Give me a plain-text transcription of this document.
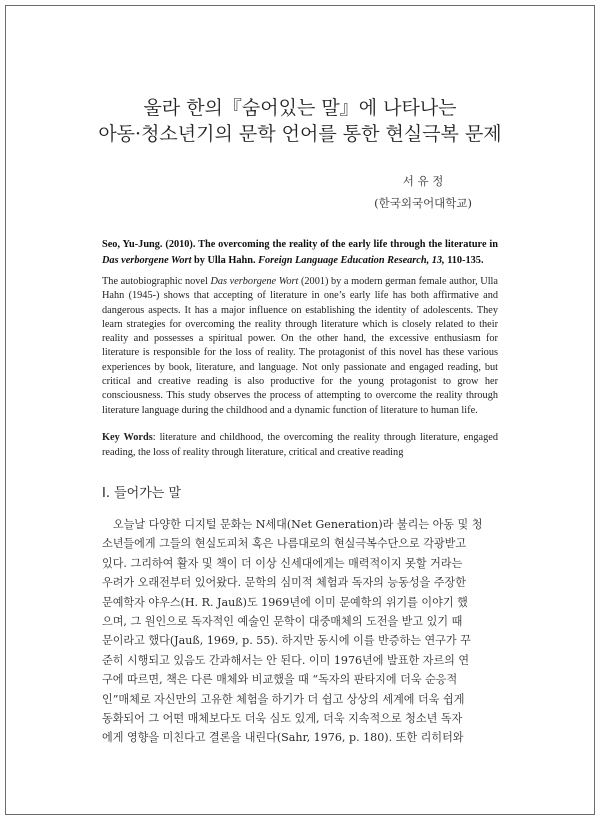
울라 한의『숨어있는 말』에 나타나는
아동·청소년기의 문학 언어를 통한 현실극복 문제
서 유 정
(한국외국어대학교)
Seo, Yu-Jung. (2010). The overcoming the reality of the early life through the literature in Das verborgene Wort by Ulla Hahn. Foreign Language Education Research, 13, 110-135.
The autobiographic novel Das verborgene Wort (2001) by a modern german female author, Ulla Hahn (1945-) shows that accepting of literature in one’s early life has both affirmative and dangerous aspects. It has a major influence on establishing the identity of adolescents. They learn strategies for overcoming the reality through literature which is closely related to their reality and possesses a spiritual power. On the other hand, the excessive enthusiasm for literature is responsible for the loss of reality. The protagonist of this novel has these various experiences by book, literature, and language. Not only passionate and engaged reading, but critical and creative reading is also productive for the young protagonist to grow her consciousness. This study observes the process of attempting to overcome the reality through literature language during the childhood and a dynamic function of literature to human life.
Key Words: literature and childhood, the overcoming the reality through literature, engaged reading, the loss of reality through literature, critical and creative reading
Ⅰ. 들어가는 말
오늘날 다양한 디지털 문화는 N세대(Net Generation)라 불리는 아동 및 청
소년들에게 그들의 현실도피처 혹은 나름대로의 현실극복수단으로 각광받고
있다. 그리하여 활자 및 책이 더 이상 신세대에게는 매력적이지 못할 거라는
우려가 오래전부터 있어왔다. 문학의 심미적 체험과 독자의 능동성을 주장한
문예학자 야우스(H. R. Jauß)도 1969년에 이미 문예학의 위기를 이야기 했
으며, 그 원인으로 독자적인 예술인 문학이 대중매체의 도전을 받고 있기 때
문이라고 했다(Jauß, 1969, p. 55). 하지만 동시에 이를 반증하는 연구가 꾸
준히 시행되고 있음도 간과해서는 안 된다. 이미 1976년에 발표한 자르의 연
구에 따르면, 책은 다른 매체와 비교했을 때 “독자의 판타지에 더욱 순응적
인”매체로 자신만의 고유한 체험을 하기가 더 쉽고 상상의 세계에 더욱 쉽게
동화되어 그 어떤 매체보다도 더욱 심도 있게, 더욱 지속적으로 청소년 독자
에게 영향을 미친다고 결론을 내린다(Sahr, 1976, p. 180). 또한 리히터와
